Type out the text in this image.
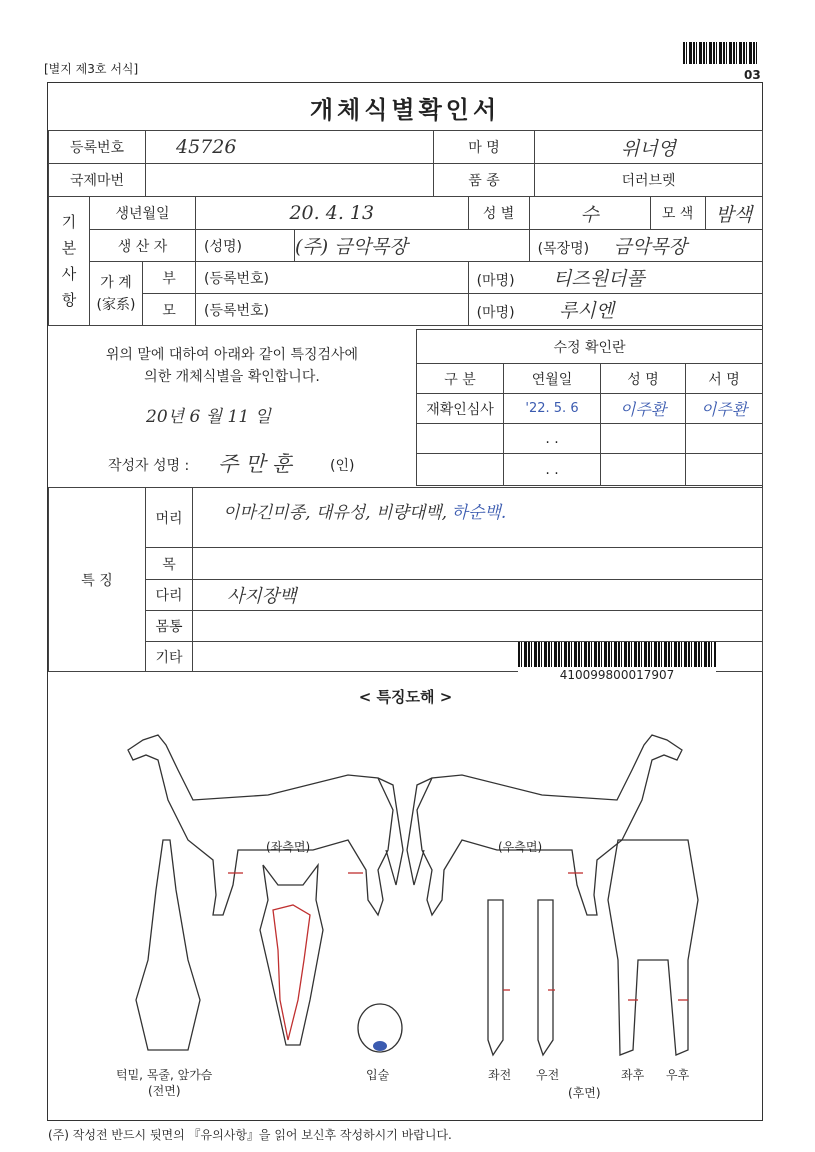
[별지 제3호 서식]	03
개체식별확인서
등록번호	45726	마 명	위너영
국제마번		품 종	더러브렛
기본사항	생년월일		20. 4. 13		성 별	수	모 색	밤색
	생 산 자		(성명)	(주) 금악목장		(목장명) 금악목장		

	가 계
(家系)	부	(등록번호)		(마명) 티즈원더풀			
		모	(등록번호)		(마명) 루시엔			
위의 말에 대하여 아래와 같이 특징검사에
의한 개체식별을 확인합니다.
20년 6 월 11 일
작성자 성명 : 주 만 훈	(인)
수정 확인란			
구 분	연월일	성 명	서 명
재확인심사	'22. 5. 6	이주환	이주환
	. .		
	. .		
특 징	머리	이마긴미종, 대유성, 비량대백, 하순백.
	목	
	다리	사지장백
	몸통	
	기타	
410099800017907
< 특징도해 >
(좌측면)	(우측면)
턱밑, 목줄, 앞가슴
(전면)
입술	좌전 우전	좌후 우후
(후면)
(주) 작성전 반드시 뒷면의 『유의사항』을 읽어 보신후 작성하시기 바랍니다.
